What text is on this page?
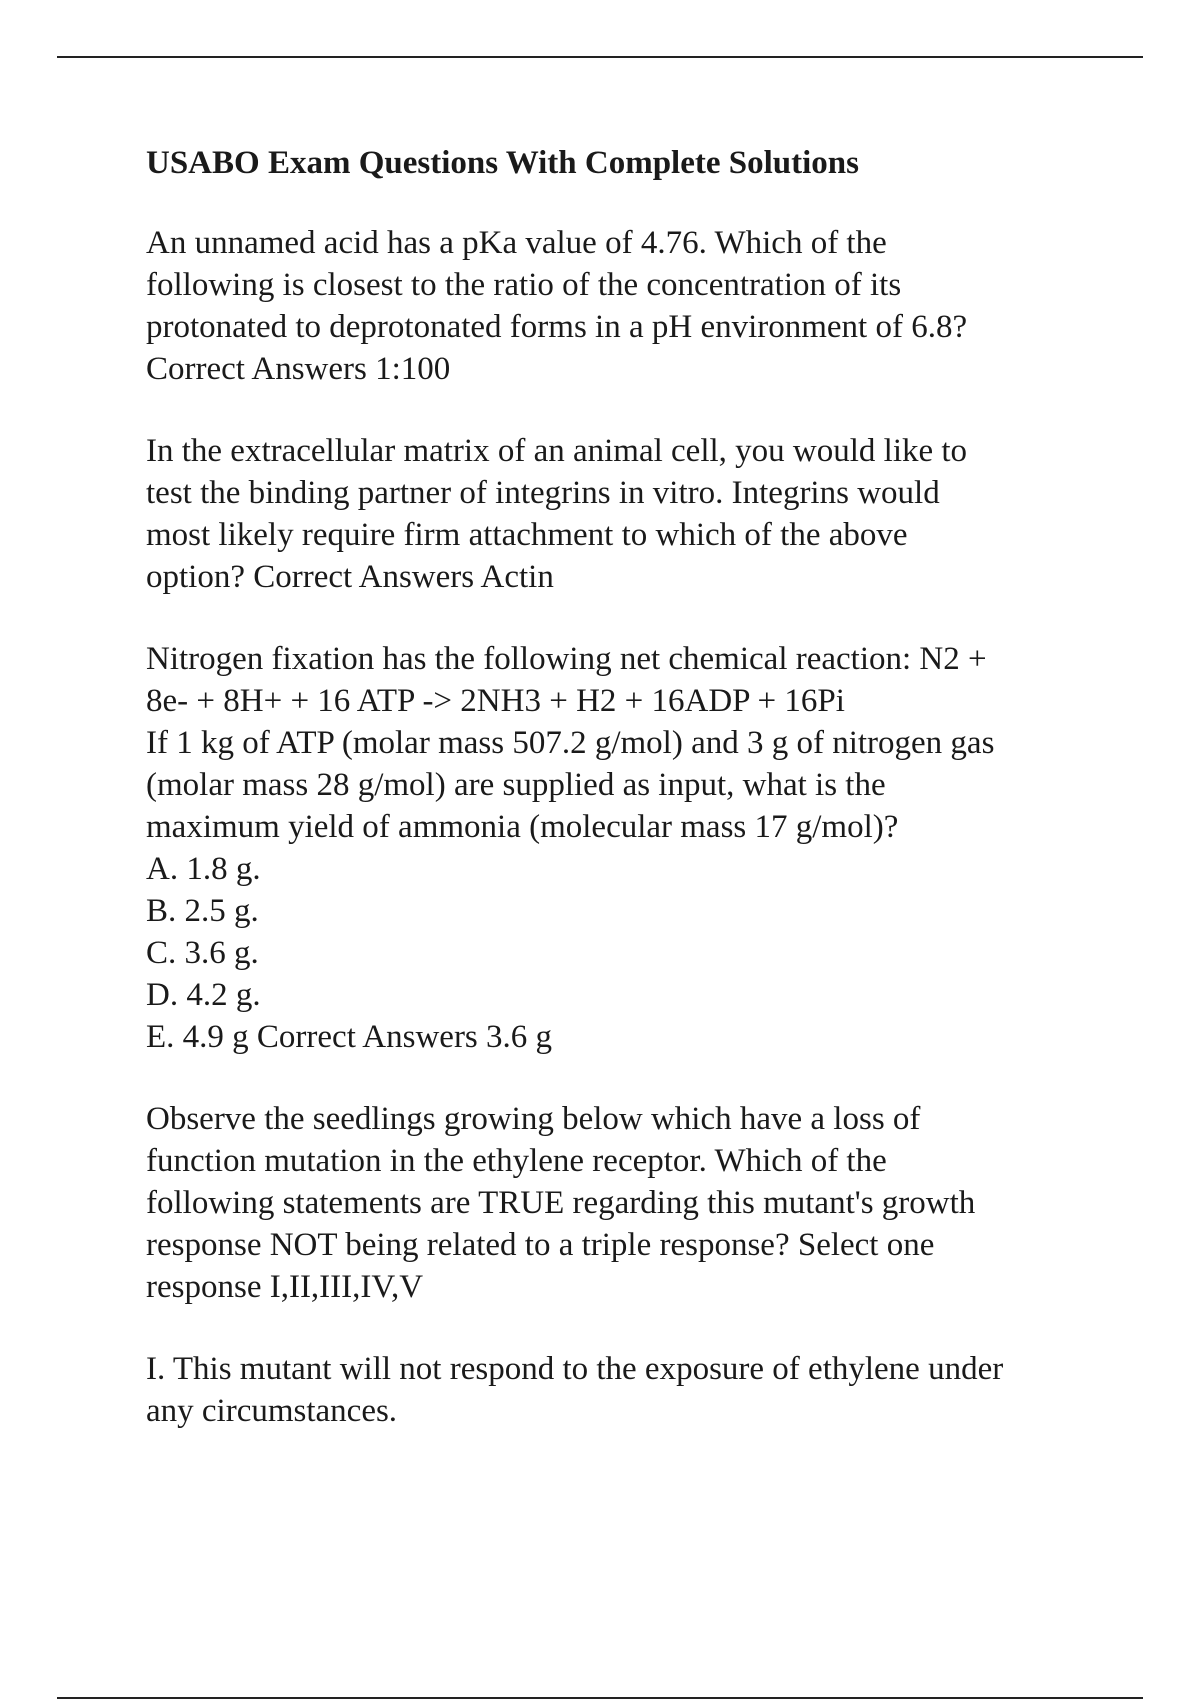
USABO Exam Questions With Complete Solutions
An unnamed acid has a pKa value of 4.76. Which of the
following is closest to the ratio of the concentration of its
protonated to deprotonated forms in a pH environment of 6.8?
Correct Answers 1:100
In the extracellular matrix of an animal cell, you would like to
test the binding partner of integrins in vitro. Integrins would
most likely require firm attachment to which of the above
option? Correct Answers Actin
Nitrogen fixation has the following net chemical reaction: N2 +
8e- + 8H+ + 16 ATP -> 2NH3 + H2 + 16ADP + 16Pi
If 1 kg of ATP (molar mass 507.2 g/mol) and 3 g of nitrogen gas
(molar mass 28 g/mol) are supplied as input, what is the
maximum yield of ammonia (molecular mass 17 g/mol)?
A. 1.8 g.
B. 2.5 g.
C. 3.6 g.
D. 4.2 g.
E. 4.9 g Correct Answers 3.6 g
Observe the seedlings growing below which have a loss of
function mutation in the ethylene receptor. Which of the
following statements are TRUE regarding this mutant's growth
response NOT being related to a triple response? Select one
response I,II,III,IV,V
I. This mutant will not respond to the exposure of ethylene under
any circumstances.
